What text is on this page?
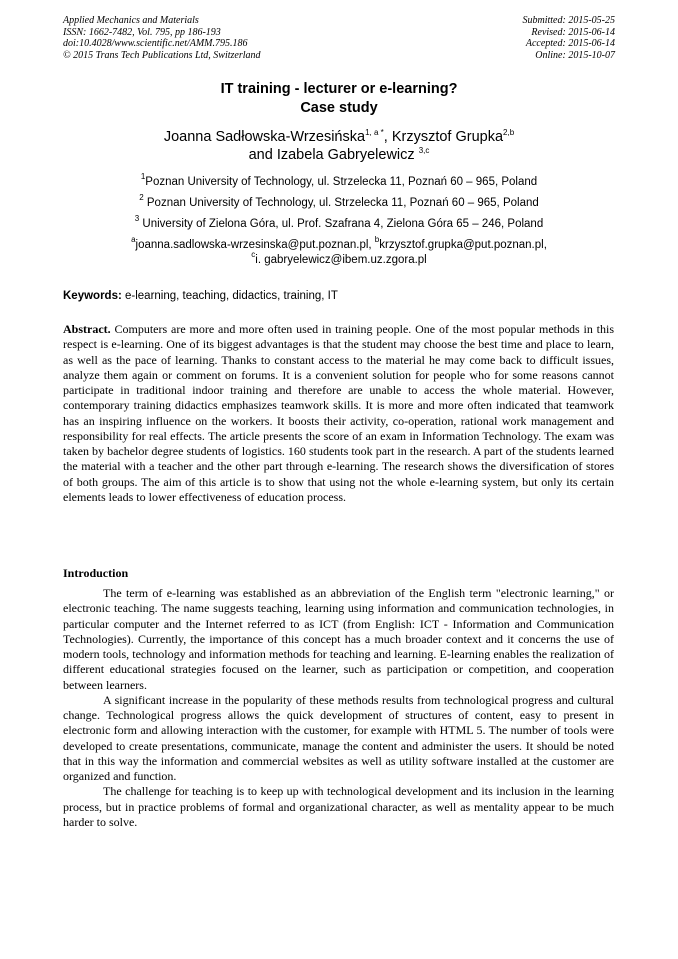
Applied Mechanics and Materials
ISSN: 1662-7482, Vol. 795, pp 186-193
doi:10.4028/www.scientific.net/AMM.795.186
© 2015 Trans Tech Publications Ltd, Switzerland
Submitted: 2015-05-25
Revised: 2015-06-14
Accepted: 2015-06-14
Online: 2015-10-07
IT training - lecturer or e-learning?
Case study
Joanna Sadłowska-Wrzesińska$^{1, a *}$, Krzysztof Grupka$^{2,b}$
and Izabela Gabryelewicz $^{3,c}$
$^1$Poznan University of Technology, ul. Strzelecka 11, Poznań 60 – 965, Poland
$^2$ Poznan University of Technology, ul. Strzelecka 11, Poznań 60 – 965, Poland
$^3$ University of Zielona Góra, ul. Prof. Szafrana 4, Zielona Góra 65 – 246, Poland
$^a$joanna.sadlowska-wrzesinska@put.poznan.pl, $^b$krzysztof.grupka@put.poznan.pl,
$^c$i. gabryelewicz@ibem.uz.zgora.pl
Keywords: e-learning, teaching, didactics, training, IT

Abstract. Computers are more and more often used in training people. One of the most popular methods in this respect is e-learning. One of its biggest advantages is that the student may choose the best time and place to learn, as well as the pace of learning. Thanks to constant access to the material he may come back to difficult issues, analyze them again or comment on forums. It is a convenient solution for people who for some reasons cannot participate in traditional indoor training and therefore are unable to access the whole material. However, contemporary training didactics emphasizes teamwork skills. It is more and more often indicated that teamwork has an inspiring influence on the workers. It boosts their activity, co-operation, rational work management and responsibility for real effects. The article presents the score of an exam in Information Technology. The exam was taken by bachelor degree students of logistics. 160 students took part in the research. A part of the students learned the material with a teacher and the other part through e-learning. The research shows the diversification of stores of both groups. The aim of this article is to show that using not the whole e-learning system, but only its certain elements leads to lower effectiveness of education process.

Introduction

The term of e-learning was established as an abbreviation of the English term "electronic learning," or electronic teaching. The name suggests teaching, learning using information and communication technologies, in particular computer and the Internet referred to as ICT (from English: ICT - Information and Communication Technologies). Currently, the importance of this concept has a much broader context and it concerns the use of modern tools, technology and information methods for teaching and learning. E-learning enables the realization of different educational strategies focused on the learner, such as participation or competition, and cooperation between learners.

A significant increase in the popularity of these methods results from technological progress and cultural change. Technological progress allows the quick development of structures of content, easy to present in electronic form and allowing interaction with the customer, for example with HTML 5. The number of tools were developed to create presentations, communicate, manage the content and administer the users. It should be noted that in this way the information and commercial websites as well as utility software installed at the customer are organized and function.

The challenge for teaching is to keep up with technological development and its inclusion in the learning process, but in practice problems of formal and organizational character, as well as mentality appear to be much harder to solve.
